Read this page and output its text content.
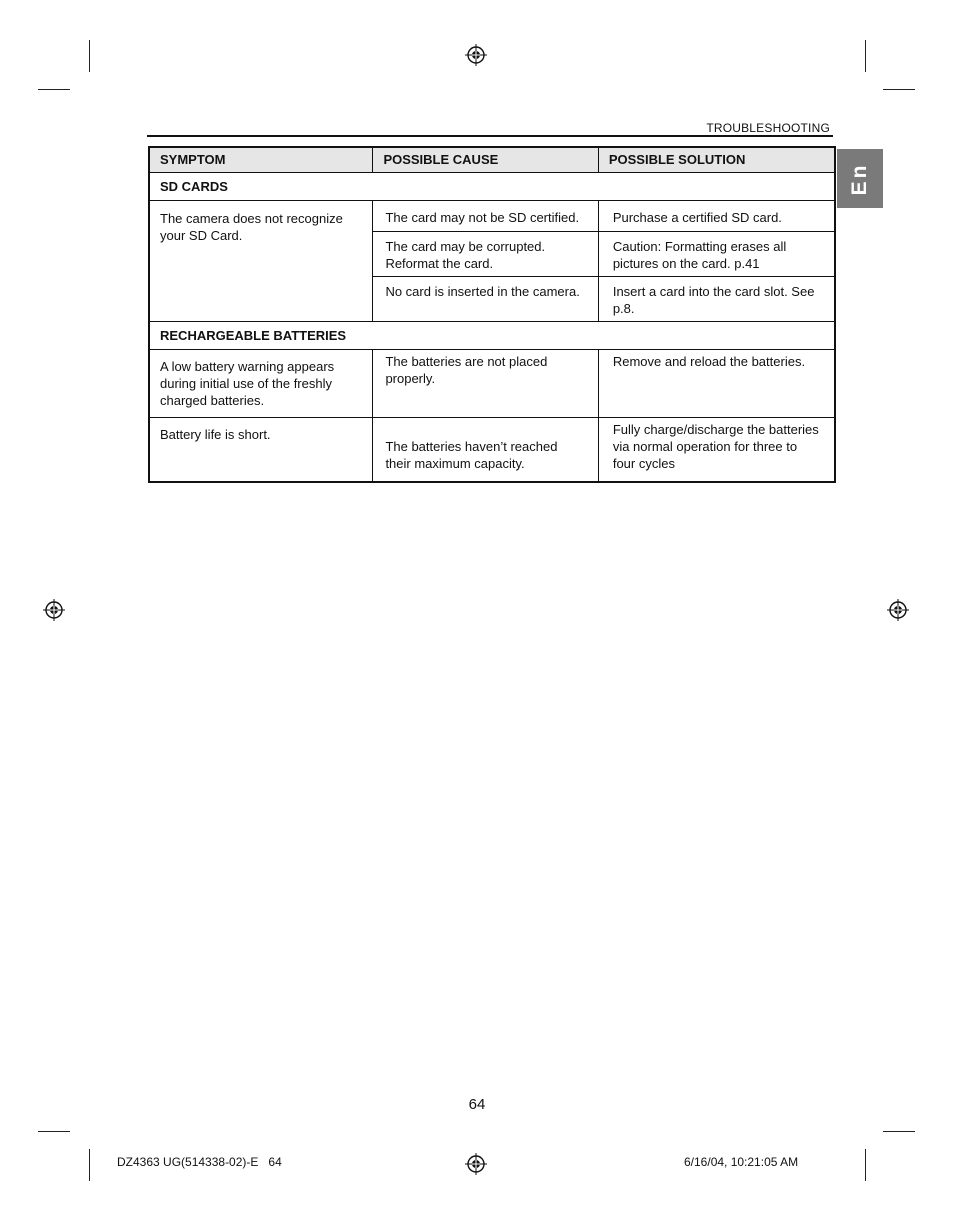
TROUBLESHOOTING
En
SYMPTOM	POSSIBLE CAUSE	POSSIBLE SOLUTION
SD CARDS		
The camera does not recognize your SD Card.	The card may not be SD certified.	Purchase a certified SD card.
	The card may be corrupted. Reformat the card.	Caution: Formatting erases all pictures on the card. p.41
	No card is inserted in the camera.	Insert a card into the card slot. See p.8.
RECHARGEABLE BATTERIES		
A low battery warning appears during initial use of the freshly charged batteries.	The batteries are not placed properly.	Remove and reload the batteries.
Battery life is short.	The batteries haven’t reached their maximum capacity.	Fully charge/discharge the batteries via normal operation for three to four cycles
64
DZ4363 UG(514338-02)-E   64	6/16/04, 10:21:05 AM
